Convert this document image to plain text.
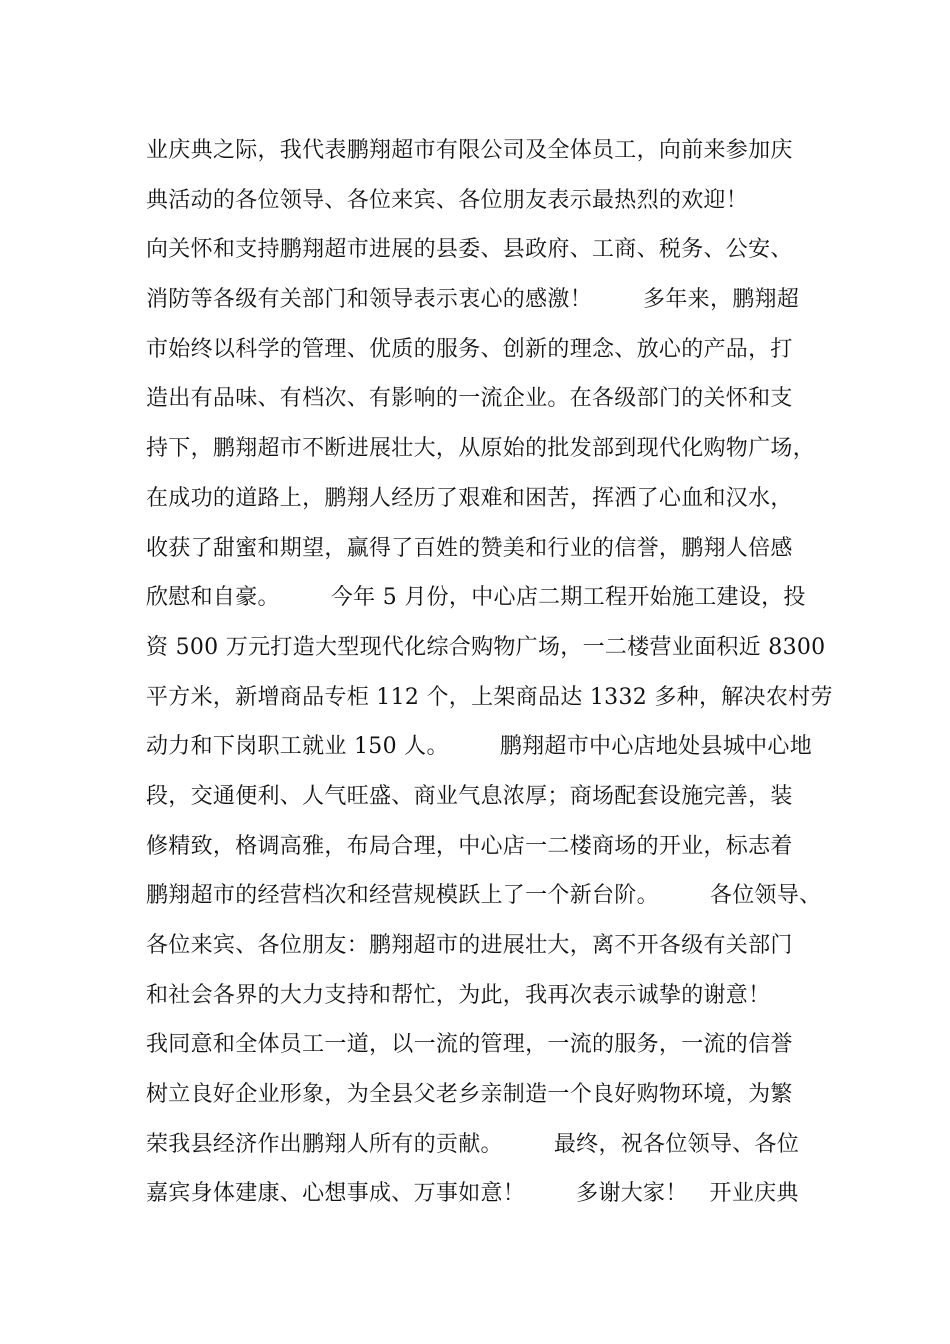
业庆典之际，我代表鹏翔超市有限公司及全体员工，向前来参加庆
典活动的各位领导、各位来宾、各位朋友表示最热烈的欢迎！
向关怀和支持鹏翔超市进展的县委、县政府、工商、税务、公安、
消防等各级有关部门和领导表示衷心的感激！       多年来，鹏翔超
市始终以科学的管理、优质的服务、创新的理念、放心的产品，打
造出有品味、有档次、有影响的一流企业。在各级部门的关怀和支
持下，鹏翔超市不断进展壮大，从原始的批发部到现代化购物广场，
在成功的道路上，鹏翔人经历了艰难和困苦，挥洒了心血和汉水，
收获了甜蜜和期望，赢得了百姓的赞美和行业的信誉，鹏翔人倍感
欣慰和自豪。       今年 5 月份，中心店二期工程开始施工建设，投
资 500 万元打造大型现代化综合购物广场，一二楼营业面积近 8300
平方米，新增商品专柜 112 个，上架商品达 1332 多种，解决农村劳
动力和下岗职工就业 150 人。       鹏翔超市中心店地处县城中心地
段，交通便利、人气旺盛、商业气息浓厚；商场配套设施完善，装
修精致，格调高雅，布局合理，中心店一二楼商场的开业，标志着
鹏翔超市的经营档次和经营规模跃上了一个新台阶。       各位领导、
各位来宾、各位朋友：鹏翔超市的进展壮大，离不开各级有关部门
和社会各界的大力支持和帮忙，为此，我再次表示诚挚的谢意！
我同意和全体员工一道，以一流的管理，一流的服务，一流的信誉
树立良好企业形象，为全县父老乡亲制造一个良好购物环境，为繁
荣我县经济作出鹏翔人所有的贡献。       最终，祝各位领导、各位
嘉宾身体建康、心想事成、万事如意！       多谢大家！   开业庆典
